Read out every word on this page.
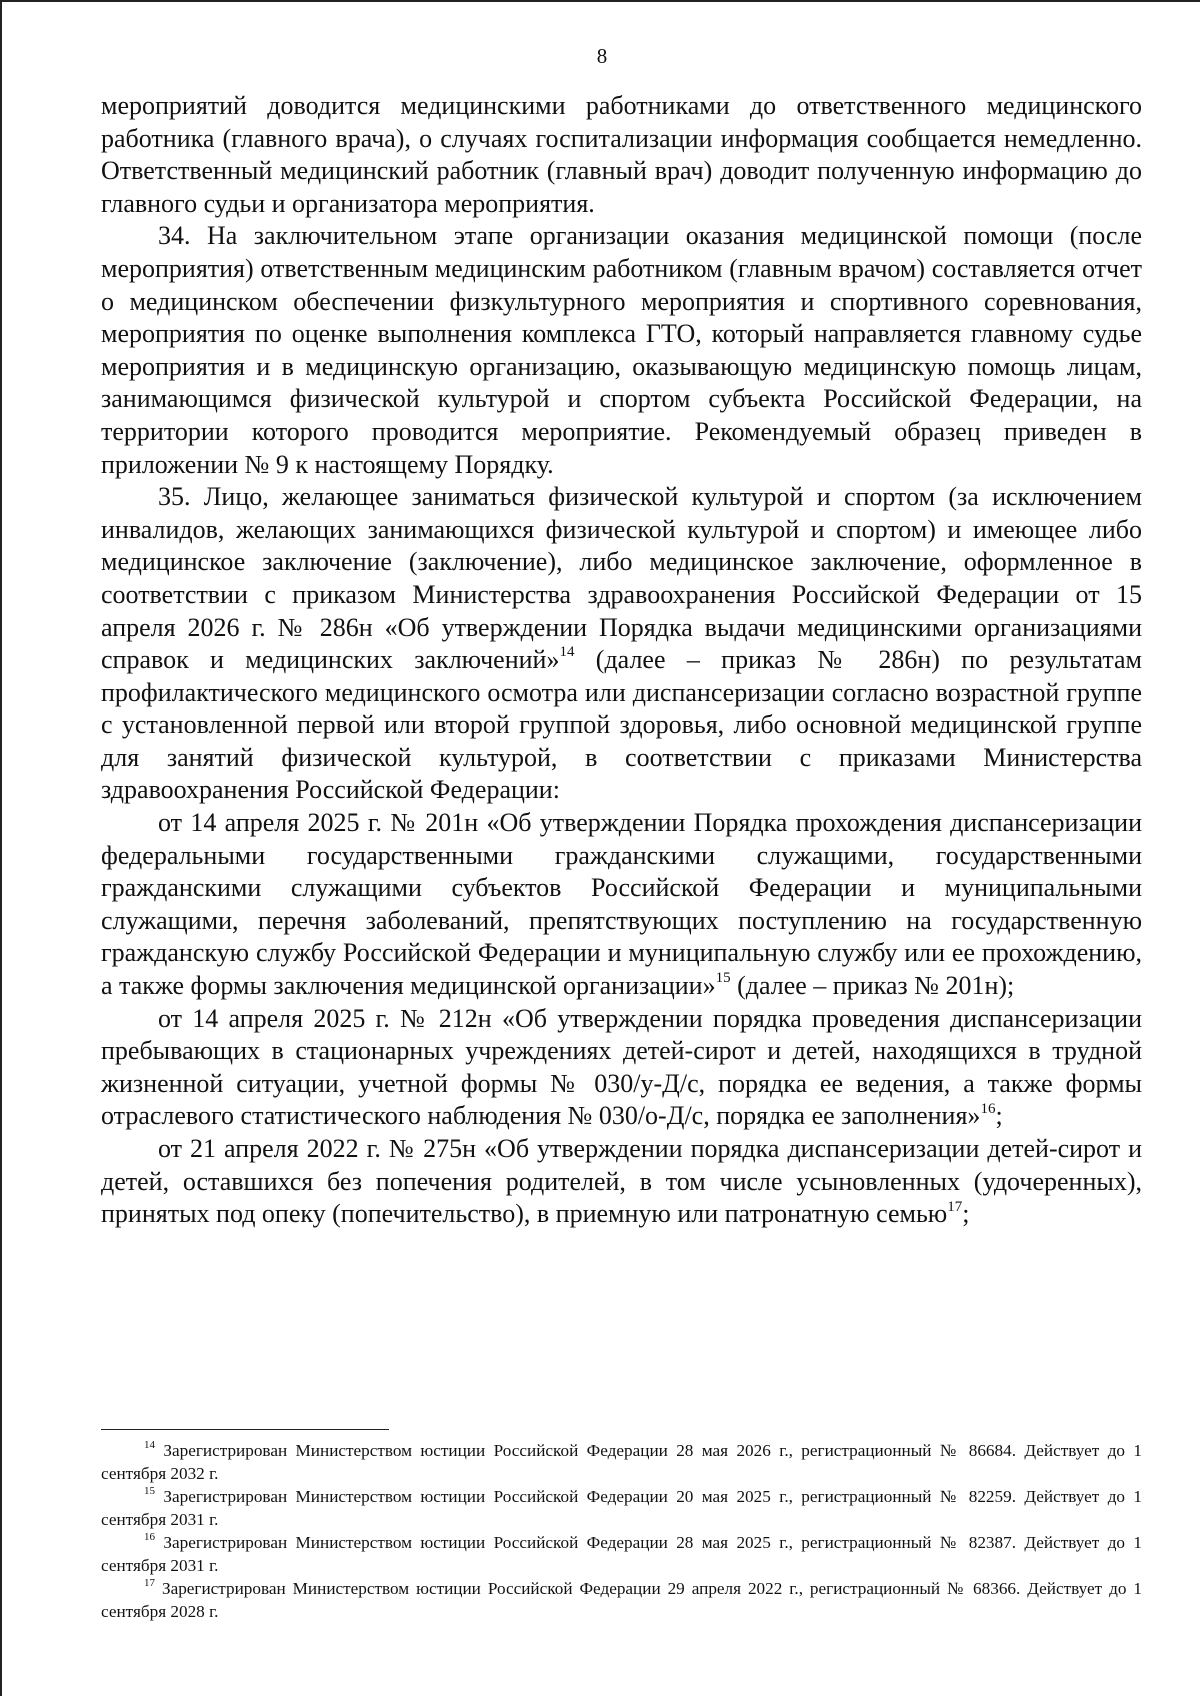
8

мероприятий доводится медицинскими работниками до ответственного медицинского работника (главного врача), о случаях госпитализации информация сообщается немедленно. Ответственный медицинский работник (главный врач) доводит полученную информацию до главного судьи и организатора мероприятия.

34. На заключительном этапе организации оказания медицинской помощи (после мероприятия) ответственным медицинским работником (главным врачом) составляется отчет о медицинском обеспечении физкультурного мероприятия и спортивного соревнования, мероприятия по оценке выполнения комплекса ГТО, который направляется главному судье мероприятия и в медицинскую организацию, оказывающую медицинскую помощь лицам, занимающимся физической культурой и спортом субъекта Российской Федерации, на территории которого проводится мероприятие. Рекомендуемый образец приведен в приложении № 9 к настоящему Порядку.

35. Лицо, желающее заниматься физической культурой и спортом (за исключением инвалидов, желающих занимающихся физической культурой и спортом) и имеющее либо медицинское заключение (заключение), либо медицинское заключение, оформленное в соответствии с приказом Министерства здравоохранения Российской Федерации от 15 апреля 2026 г. № 286н «Об утверждении Порядка выдачи медицинскими организациями справок и медицинских заключений»$^{14}$ (далее – приказ № 286н) по результатам профилактического медицинского осмотра или диспансеризации согласно возрастной группе с установленной первой или второй группой здоровья, либо основной медицинской группе для занятий физической культурой, в соответствии с приказами Министерства здравоохранения Российской Федерации:

от 14 апреля 2025 г. № 201н «Об утверждении Порядка прохождения диспансеризации федеральными государственными гражданскими служащими, государственными гражданскими служащими субъектов Российской Федерации и муниципальными служащими, перечня заболеваний, препятствующих поступлению на государственную гражданскую службу Российской Федерации и муниципальную службу или ее прохождению, а также формы заключения медицинской организации»$^{15}$ (далее – приказ № 201н);

от 14 апреля 2025 г. № 212н «Об утверждении порядка проведения диспансеризации пребывающих в стационарных учреждениях детей-сирот и детей, находящихся в трудной жизненной ситуации, учетной формы № 030/у-Д/с, порядка ее ведения, а также формы отраслевого статистического наблюдения № 030/о-Д/с, порядка ее заполнения»$^{16}$;

от 21 апреля 2022 г. № 275н «Об утверждении порядка диспансеризации детей-сирот и детей, оставшихся без попечения родителей, в том числе усыновленных (удочеренных), принятых под опеку (попечительство), в приемную или патронатную семью$^{17}$;

$^{14}$ Зарегистрирован Министерством юстиции Российской Федерации 28 мая 2026 г., регистрационный № 86684. Действует до 1 сентября 2032 г.

$^{15}$ Зарегистрирован Министерством юстиции Российской Федерации 20 мая 2025 г., регистрационный № 82259. Действует до 1 сентября 2031 г.

$^{16}$ Зарегистрирован Министерством юстиции Российской Федерации 28 мая 2025 г., регистрационный № 82387. Действует до 1 сентября 2031 г.

$^{17}$ Зарегистрирован Министерством юстиции Российской Федерации 29 апреля 2022 г., регистрационный № 68366. Действует до 1 сентября 2028 г.
